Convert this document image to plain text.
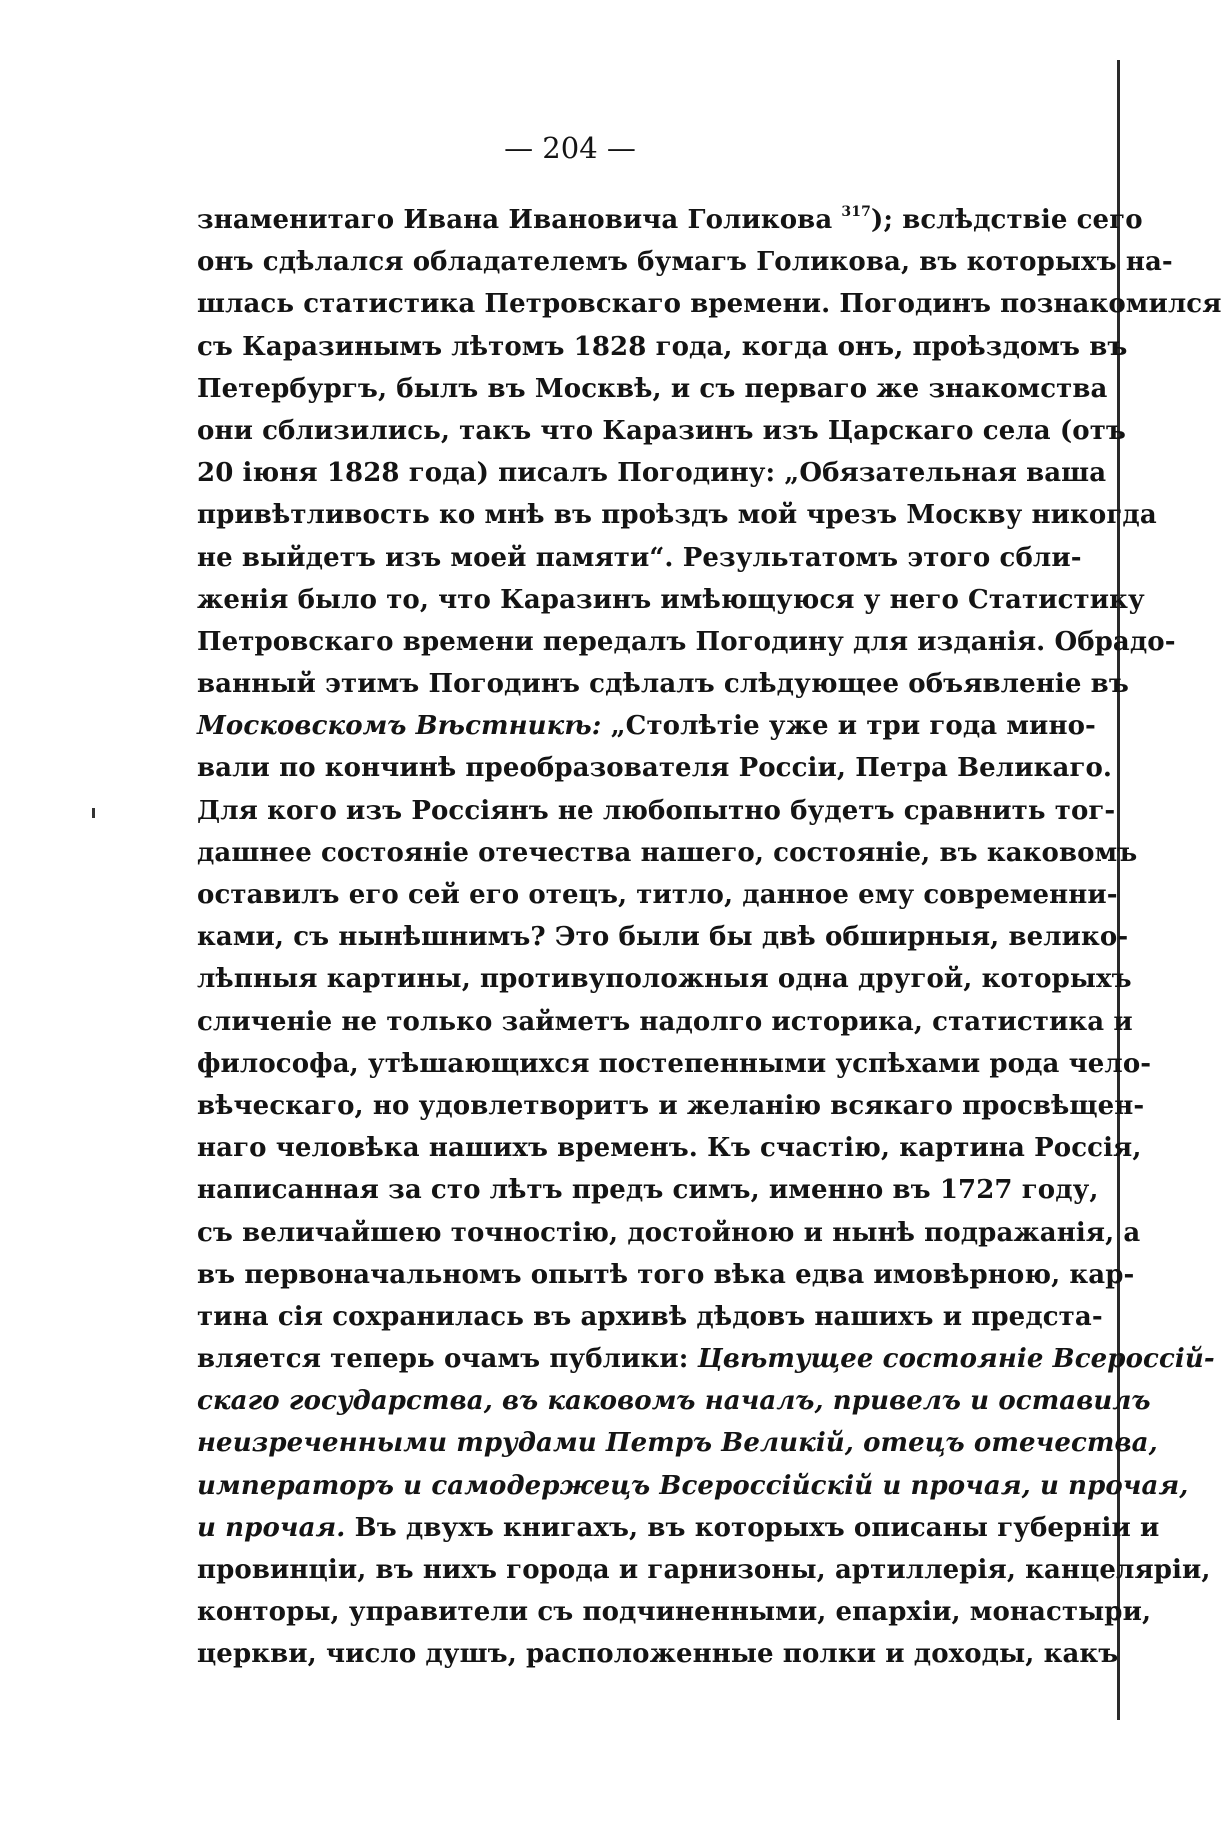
— 204 —
знаменитаго Ивана Ивановича Голикова $^{317}$); вслѣдствіе сего
онъ сдѣлался обладателемъ бумагъ Голикова, въ которыхъ на-
шлась статистика Петровскаго времени. Погодинъ познакомился
съ Каразинымъ лѣтомъ 1828 года, когда онъ, проѣздомъ въ
Петербургъ, былъ въ Москвѣ, и съ перваго же знакомства
они сблизились, такъ что Каразинъ изъ Царскаго села (отъ
20 іюня 1828 года) писалъ Погодину: „Обязательная ваша
привѣтливость ко мнѣ въ проѣздъ мой чрезъ Москву никогда
не выйдетъ изъ моей памяти“. Результатомъ этого сбли-
женія было то, что Каразинъ имѣющуюся у него Статистику
Петровскаго времени передалъ Погодину для изданія. Обрадо-
ванный этимъ Погодинъ сдѣлалъ слѣдующее объявленіе въ
Московскомъ Вѣстникѣ: „Столѣтіе уже и три года мино-
вали по кончинѣ преобразователя Россіи, Петра Великаго.
Для кого изъ Россіянъ не любопытно будетъ сравнить тог-
дашнее состояніе отечества нашего, состояніе, въ каковомъ
оставилъ его сей его отецъ, титло, данное ему современни-
ками, съ нынѣшнимъ? Это были бы двѣ обширныя, велико-
лѣпныя картины, противуположныя одна другой, которыхъ
сличеніе не только займетъ надолго историка, статистика и
философа, утѣшающихся постепенными успѣхами рода чело-
вѣческаго, но удовлетворитъ и желанію всякаго просвѣщен-
наго человѣка нашихъ временъ. Къ счастію, картина Россія,
написанная за сто лѣтъ предъ симъ, именно въ 1727 году,
съ величайшею точностію, достойною и нынѣ подражанія, а
въ первоначальномъ опытѣ того вѣка едва имовѣрною, кар-
тина сія сохранилась въ архивѣ дѣдовъ нашихъ и предста-
вляется теперь очамъ публики: Цвѣтущее состояніе Всероссій-
скаго государства, въ каковомъ началъ, привелъ и оставилъ
неизреченными трудами Петръ Великій, отецъ отечества,
императоръ и самодержецъ Всероссійскій и прочая, и прочая,
и прочая. Въ двухъ книгахъ, въ которыхъ описаны губерніи и
провинціи, въ нихъ города и гарнизоны, артиллерія, канцеляріи,
конторы, управители съ подчиненными, епархіи, монастыри,
церкви, число душъ, расположенные полки и доходы, какъ
